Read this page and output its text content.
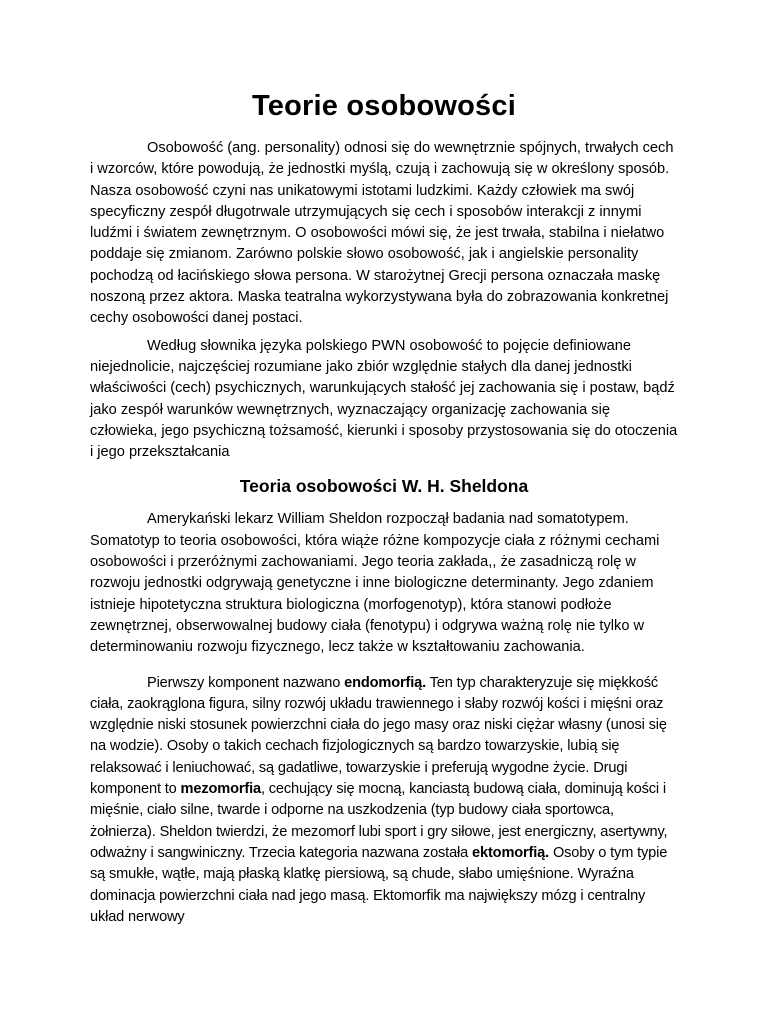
Teorie osobowości

Osobowość (ang. personality) odnosi się do wewnętrznie spójnych, trwałych cech i wzorców, które powodują, że jednostki myślą, czują i zachowują się w określony sposób. Nasza osobowość czyni nas unikatowymi istotami ludzkimi. Każdy człowiek ma swój specyficzny zespół długotrwale utrzymujących się cech i sposobów interakcji z innymi ludźmi i światem zewnętrznym. O osobowości mówi się, że jest trwała, stabilna i niełatwo poddaje się zmianom. Zarówno polskie słowo osobowość, jak i angielskie personality pochodzą od łacińskiego słowa persona. W starożytnej Grecji persona oznaczała maskę noszoną przez aktora. Maska teatralna wykorzystywana była do zobrazowania konkretnej cechy osobowości danej postaci.

Według słownika języka polskiego PWN osobowość to pojęcie definiowane niejednolicie, najczęściej rozumiane jako zbiór względnie stałych dla danej jednostki właściwości (cech) psychicznych, warunkujących stałość jej zachowania się i postaw, bądź jako zespół warunków wewnętrznych, wyznaczający organizację zachowania się człowieka, jego psychiczną tożsamość, kierunki i sposoby przystosowania się do otoczenia i jego przekształcania

Teoria osobowości W. H. Sheldona

Amerykański lekarz William Sheldon rozpoczął badania nad somatotypem. Somatotyp to teoria osobowości, która wiąże różne kompozycje ciała z różnymi cechami osobowości i przeróżnymi zachowaniami. Jego teoria zakłada,, że zasadniczą rolę w rozwoju jednostki odgrywają genetyczne i inne biologiczne determinanty. Jego zdaniem istnieje hipotetyczna struktura biologiczna (morfogenotyp), która stanowi podłoże zewnętrznej, obserwowalnej budowy ciała (fenotypu) i odgrywa ważną rolę nie tylko w determinowaniu rozwoju fizycznego, lecz także w kształtowaniu zachowania.

Pierwszy komponent nazwano endomorfią. Ten typ charakteryzuje się miękkość ciała, zaokrąglona figura, silny rozwój układu trawiennego i słaby rozwój kości i mięśni oraz względnie niski stosunek powierzchni ciała do jego masy oraz niski ciężar własny (unosi się na wodzie). Osoby o takich cechach fizjologicznych są bardzo towarzyskie, lubią się relaksować i leniuchować, są gadatliwe, towarzyskie i preferują wygodne życie. Drugi komponent to mezomorfia, cechujący się mocną, kanciastą budową ciała, dominują kości i mięśnie, ciało silne, twarde i odporne na uszkodzenia (typ budowy ciała sportowca, żołnierza). Sheldon twierdzi, że mezomorf lubi sport i gry siłowe, jest energiczny, asertywny, odważny i sangwiniczny. Trzecia kategoria nazwana została ektomorfią. Osoby o tym typie są smukłe, wątłe, mają płaską klatkę piersiową, są chude, słabo umięśnione. Wyraźna dominacja powierzchni ciała nad jego masą. Ektomorfik ma największy mózg i centralny układ nerwowy
